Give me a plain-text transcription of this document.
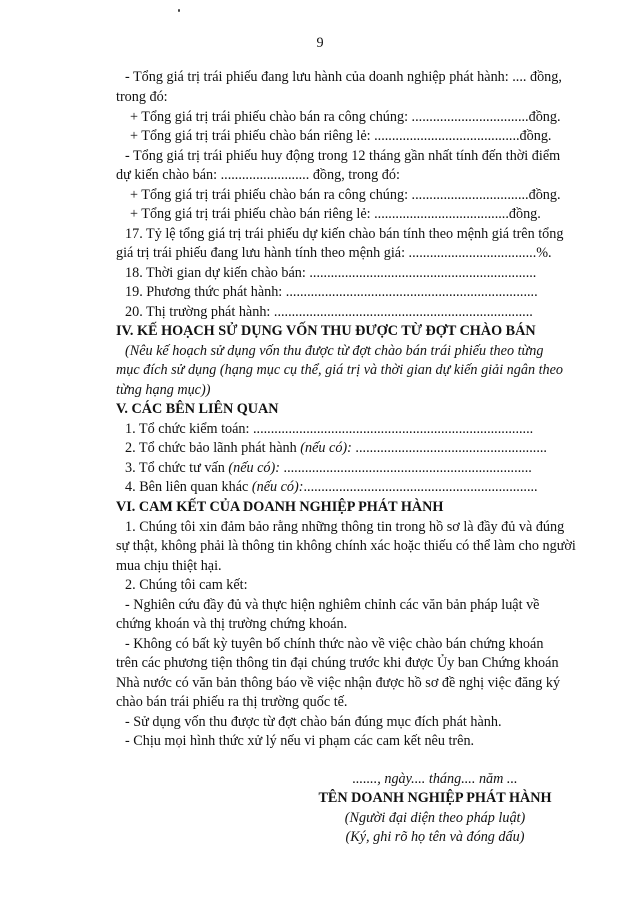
9
- Tổng giá trị trái phiếu đang lưu hành của doanh nghiệp phát hành: .... đồng,
trong đó:
+ Tổng giá trị trái phiếu chào bán ra công chúng: .................................đồng.
+ Tổng giá trị trái phiếu chào bán riêng lẻ: .........................................đồng.
- Tổng giá trị trái phiếu huy động trong 12 tháng gần nhất tính đến thời điểm
dự kiến chào bán: ......................... đồng, trong đó:
+ Tổng giá trị trái phiếu chào bán ra công chúng: .................................đồng.
+ Tổng giá trị trái phiếu chào bán riêng lẻ: ......................................đồng.
17. Tỷ lệ tổng giá trị trái phiếu dự kiến chào bán tính theo mệnh giá trên tổng
giá trị trái phiếu đang lưu hành tính theo mệnh giá: ....................................%.
18. Thời gian dự kiến chào bán: ................................................................
19. Phương thức phát hành: .......................................................................
20. Thị trường phát hành: .........................................................................
IV. KẾ HOẠCH SỬ DỤNG VỐN THU ĐƯỢC TỪ ĐỢT CHÀO BÁN
(Nêu kế hoạch sử dụng vốn thu được từ đợt chào bán trái phiếu theo từng
mục đích sử dụng (hạng mục cụ thể, giá trị và thời gian dự kiến giải ngân theo
từng hạng mục))
V. CÁC BÊN LIÊN QUAN
1. Tổ chức kiểm toán: ...............................................................................
2. Tổ chức bảo lãnh phát hành (nếu có): ......................................................
3. Tổ chức tư vấn (nếu có): ......................................................................
4. Bên liên quan khác (nếu có):..................................................................
VI. CAM KẾT CỦA DOANH NGHIỆP PHÁT HÀNH
1. Chúng tôi xin đảm bảo rằng những thông tin trong hồ sơ là đầy đủ và đúng
sự thật, không phải là thông tin không chính xác hoặc thiếu có thể làm cho người
mua chịu thiệt hại.
2. Chúng tôi cam kết:
- Nghiên cứu đầy đủ và thực hiện nghiêm chỉnh các văn bản pháp luật về
chứng khoán và thị trường chứng khoán.
- Không có bất kỳ tuyên bố chính thức nào về việc chào bán chứng khoán
trên các phương tiện thông tin đại chúng trước khi được Ủy ban Chứng khoán
Nhà nước có văn bản thông báo về việc nhận được hồ sơ đề nghị việc đăng ký
chào bán trái phiếu ra thị trường quốc tế.
- Sử dụng vốn thu được từ đợt chào bán đúng mục đích phát hành.
- Chịu mọi hình thức xử lý nếu vi phạm các cam kết nêu trên.
......., ngày.... tháng.... năm ...
TÊN DOANH NGHIỆP PHÁT HÀNH
(Người đại diện theo pháp luật)
(Ký, ghi rõ họ tên và đóng dấu)
